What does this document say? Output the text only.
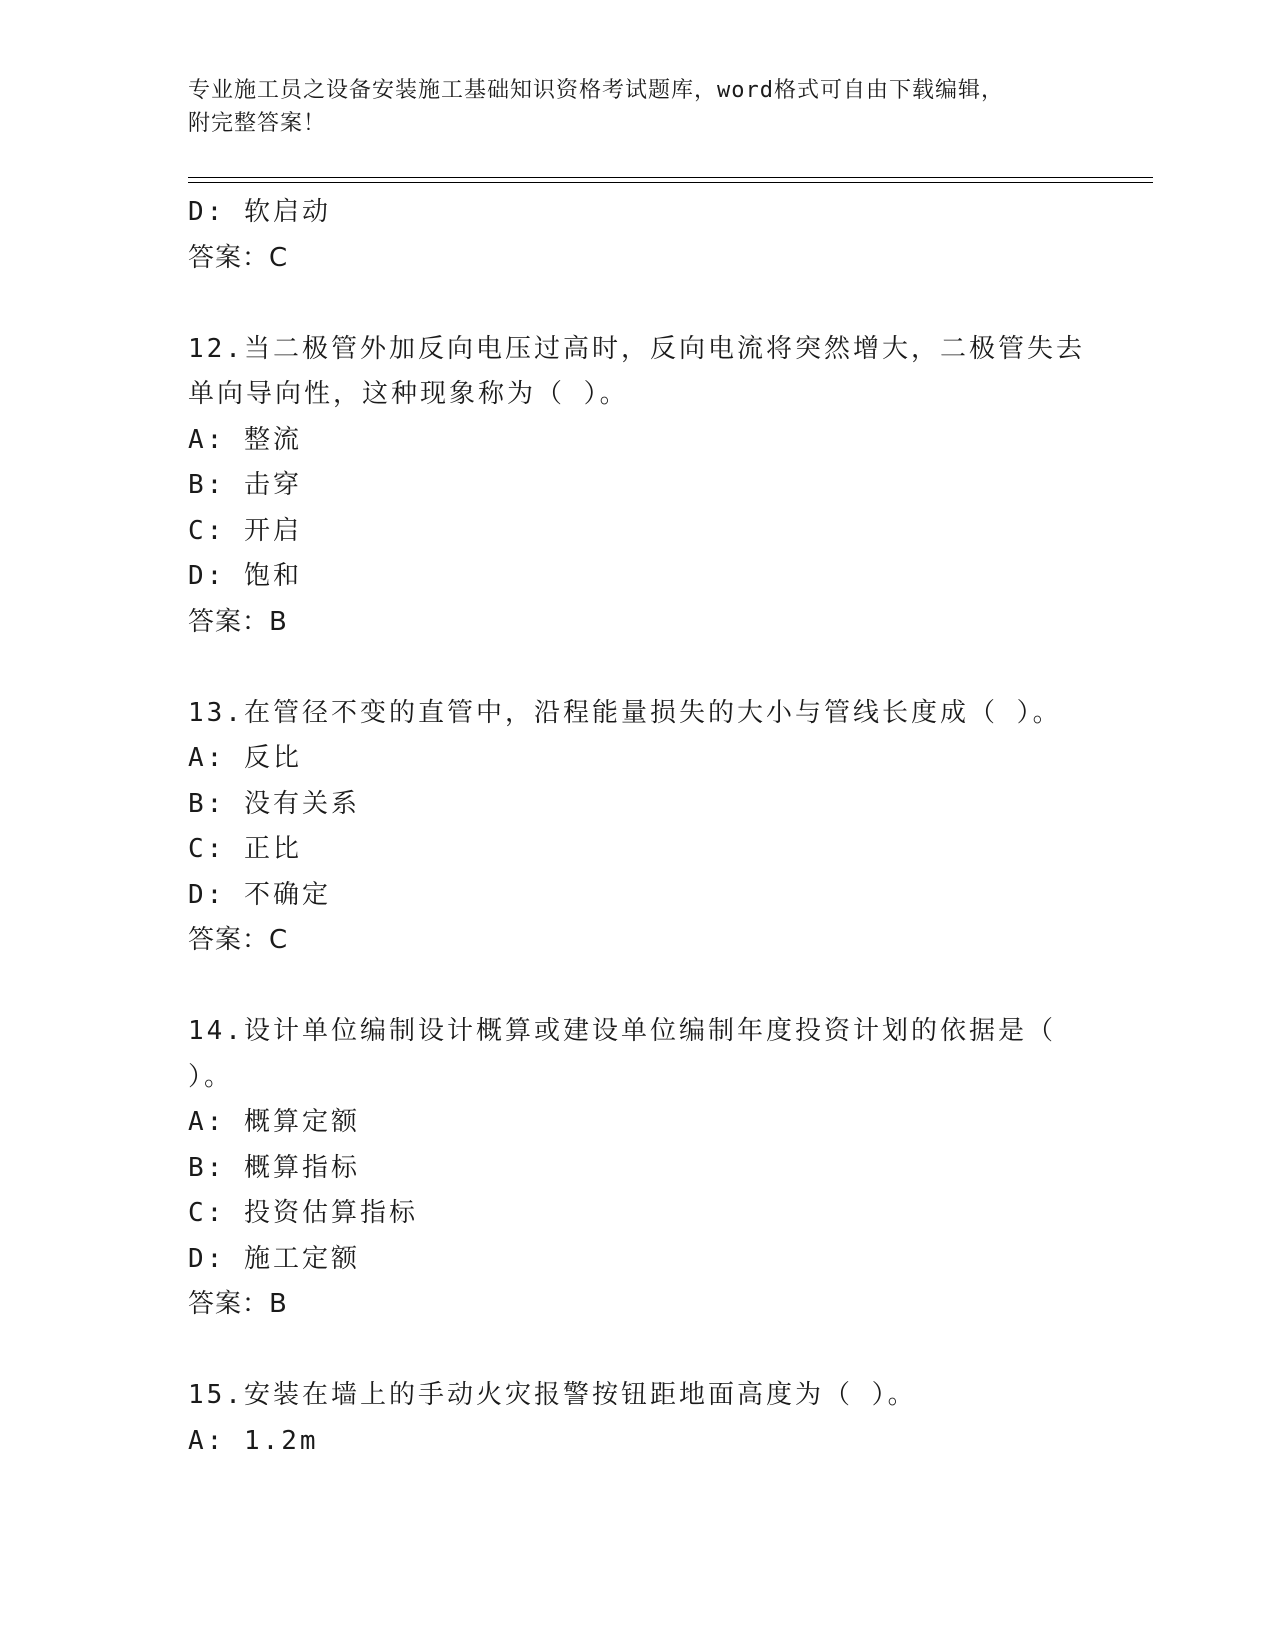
专业施工员之设备安装施工基础知识资格考试题库，word格式可自由下载编辑，
附完整答案！
D: 软启动
答案：C
12.当二极管外加反向电压过高时，反向电流将突然增大，二极管失去
单向导向性，这种现象称为（ ）。
A: 整流
B: 击穿
C: 开启
D: 饱和
答案：B
13.在管径不变的直管中，沿程能量损失的大小与管线长度成（ ）。
A: 反比
B: 没有关系
C: 正比
D: 不确定
答案：C
14.设计单位编制设计概算或建设单位编制年度投资计划的依据是（
）。
A: 概算定额
B: 概算指标
C: 投资估算指标
D: 施工定额
答案：B
15.安装在墙上的手动火灾报警按钮距地面高度为（ ）。
A: 1.2m
